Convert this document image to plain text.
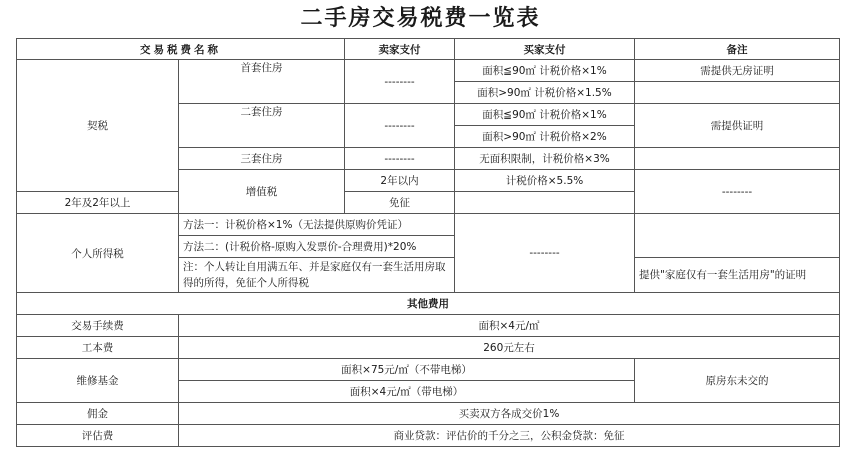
二手房交易税费一览表
交易税费名称		卖家支付	买家支付	备注	
契税	首套住房	--------	面积≦90㎡ 计税价格×1%	需提供无房证明	
			面积>90㎡ 计税价格×1.5%		
	二套住房	--------	面积≦90㎡ 计税价格×1%	需提供证明	
			面积>90㎡ 计税价格×2%		
	三套住房	--------	无面积限制，计税价格×3%		
	增值税	2年以内	计税价格×5.5%	--------	
2年及2年以上		免征			
个人所得税	方法一：计税价格×1%（无法提供原购价凭证）		--------		
	方法二：(计税价格-原购入发票价-合理费用)*20%				
	注：个人转让自用满五年、并是家庭仅有一套生活用房取得的所得，免征个人所得税			提供"家庭仅有一套生活用房"的证明	
其他费用					
交易手续费	面积×4元/㎡				
工本费	260元左右				
维修基金	面积×75元/㎡（不带电梯）			原房东未交的	
	面积×4元/㎡（带电梯）				
佣金	买卖双方各成交价1%				
评估费	商业贷款：评估价的千分之三，公积金贷款：免征				
